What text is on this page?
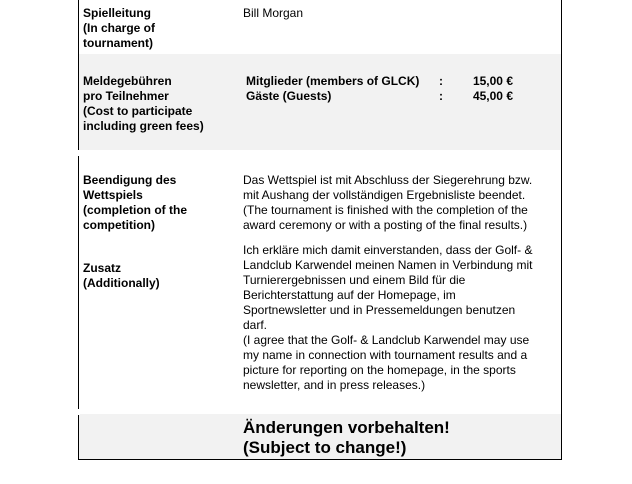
Spielleitung
(In charge of
tournament)
Bill Morgan
Meldegebühren
pro Teilnehmer
(Cost to participate
including green fees)
Mitglieder (members of GLCK) : 15,00 €
Gäste (Guests)	: 45,00 €
Beendigung des
Wettspiels
(completion of the
competition)
Das Wettspiel ist mit Abschluss der Siegerehrung bzw.
mit Aushang der vollständigen Ergebnisliste beendet.
(The tournament is finished with the completion of the
award ceremony or with a posting of the final results.)
Zusatz
(Additionally)
Ich erkläre mich damit einverstanden, dass der Golf- &
Landclub Karwendel meinen Namen in Verbindung mit
Turnierergebnissen und einem Bild für die
Berichterstattung auf der Homepage, im
Sportnewsletter und in Pressemeldungen benutzen
darf.
(I agree that the Golf- & Landclub Karwendel may use
my name in connection with tournament results and a
picture for reporting on the homepage, in the sports
newsletter, and in press releases.)
Änderungen vorbehalten!
(Subject to change!)
